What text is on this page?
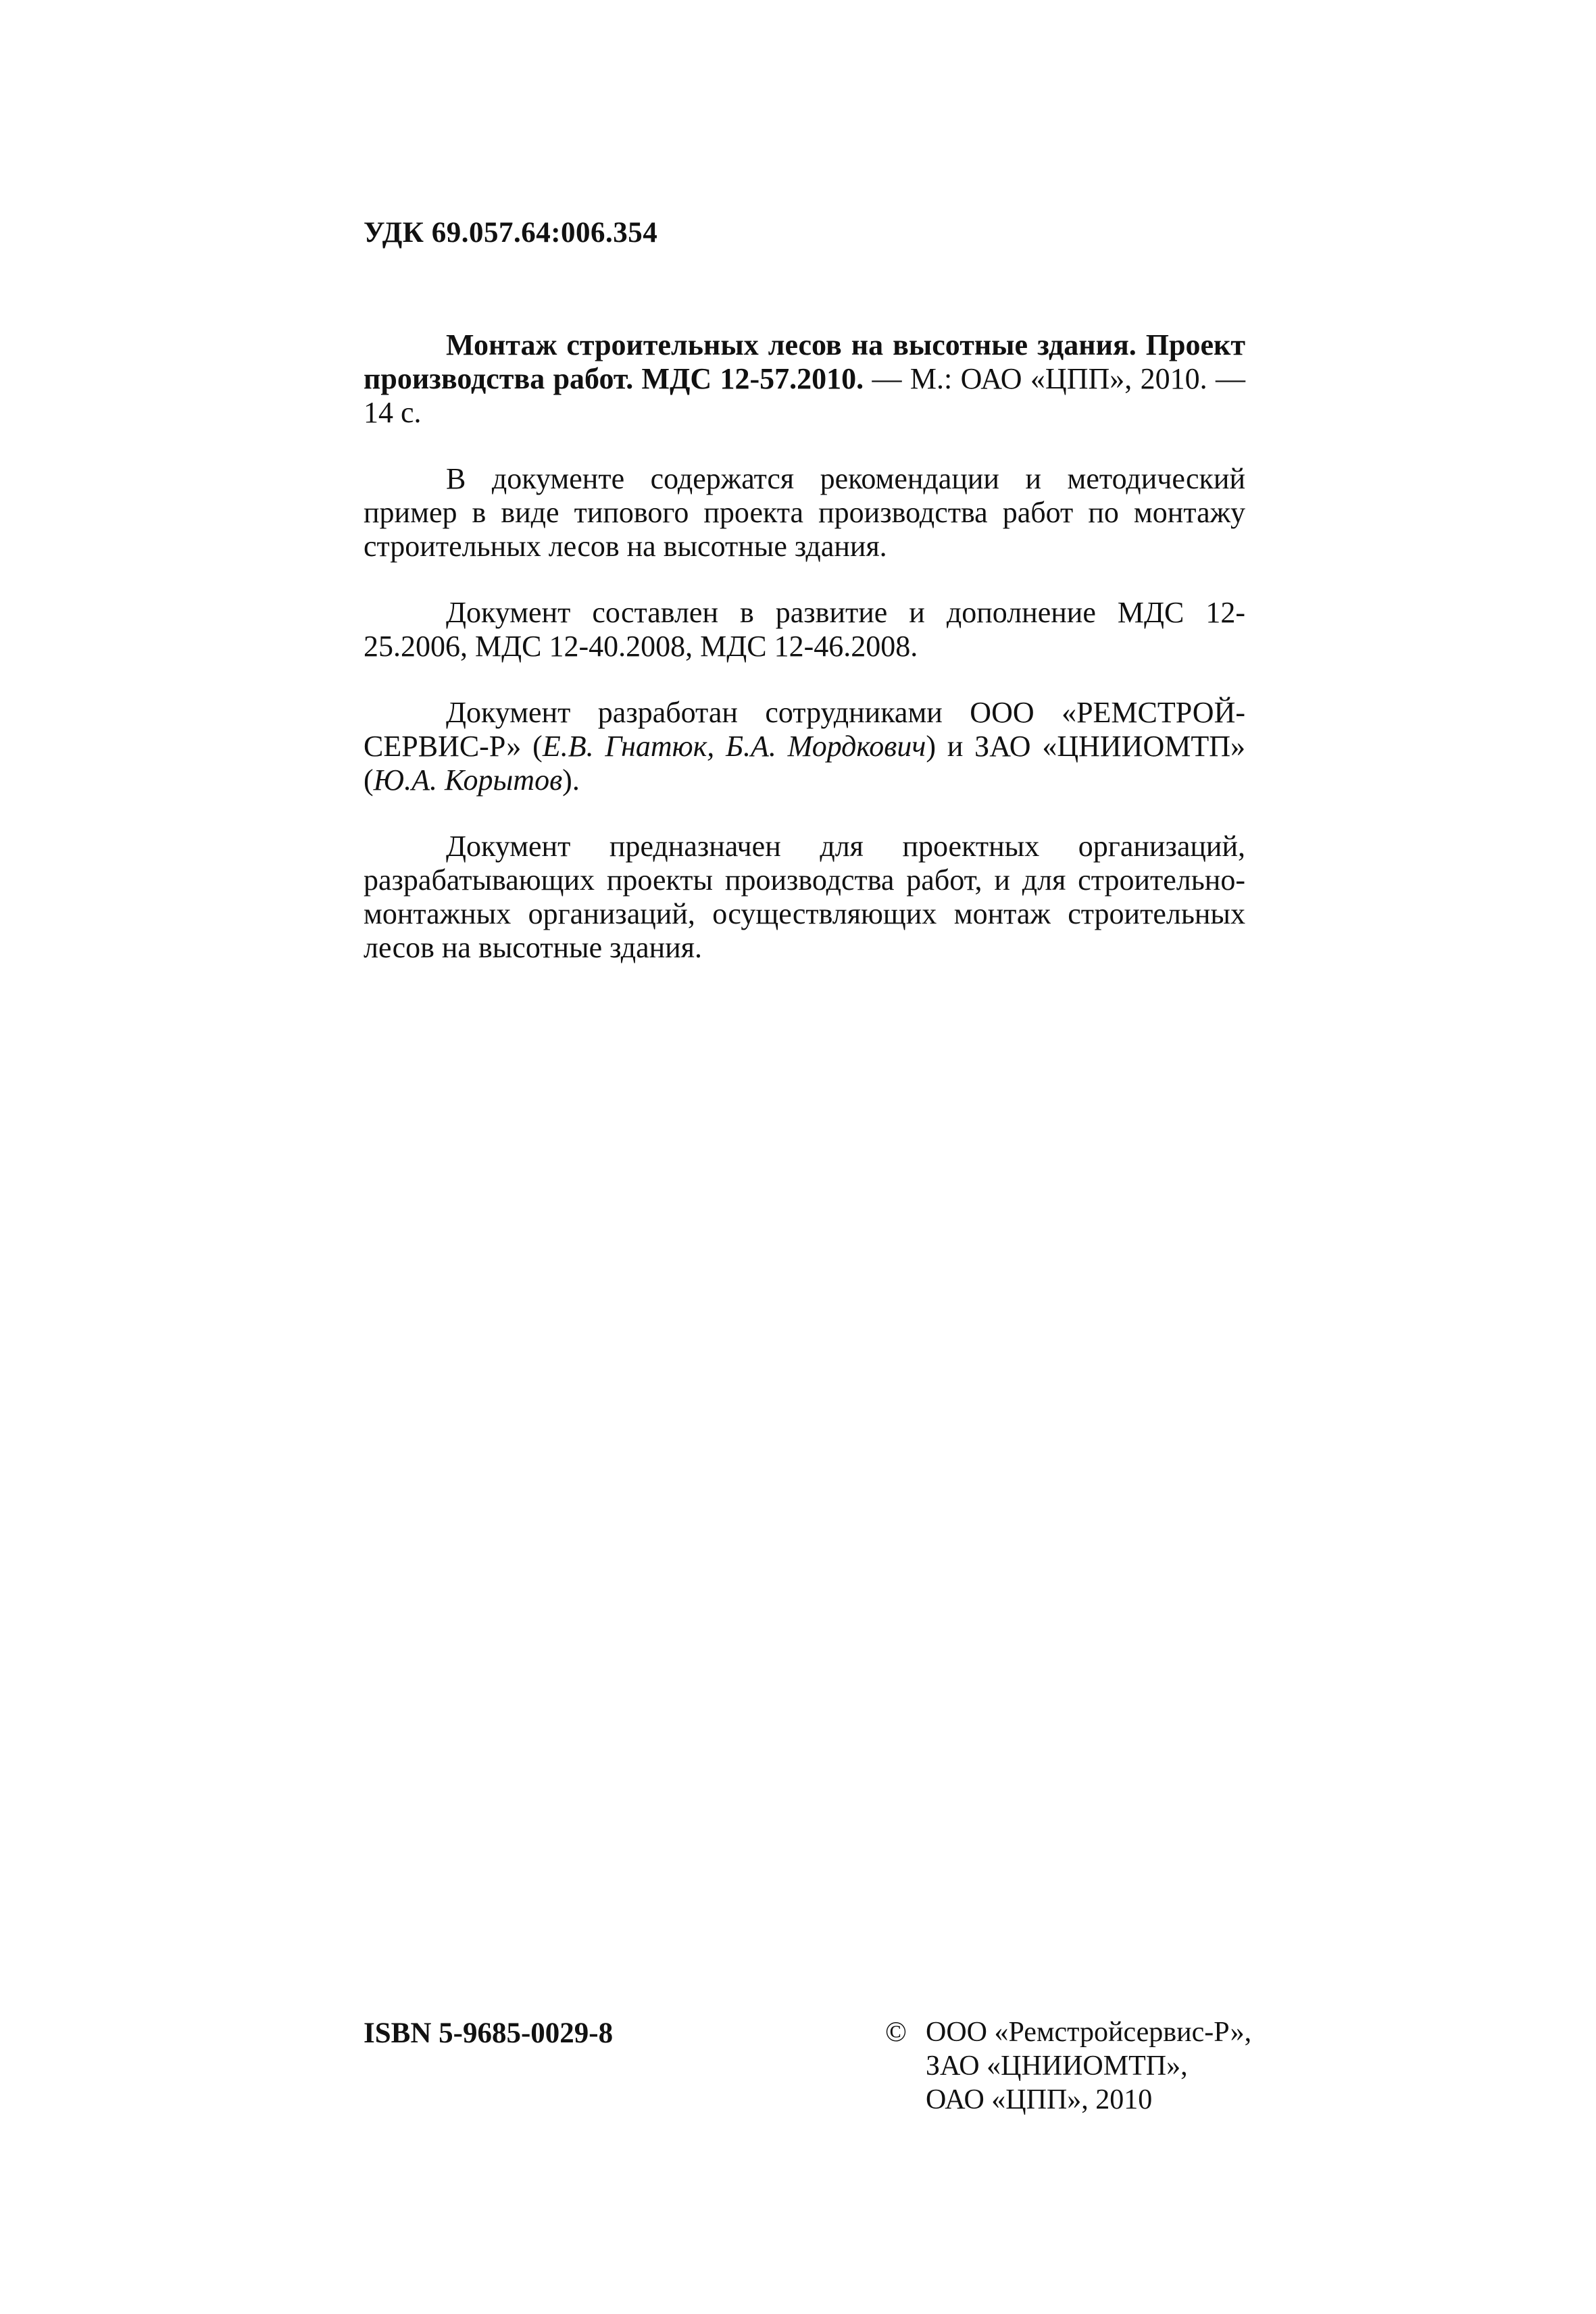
УДК 69.057.64:006.354

Монтаж строительных лесов на высотные здания. Проект производства работ. МДС 12-57.2010. — М.: ОАО «ЦПП», 2010. — 14 с.

В документе содержатся рекомендации и методический пример в виде типового проекта производства работ по монтажу строительных лесов на высотные здания.

Документ составлен в развитие и дополнение МДС 12-25.2006, МДС 12-40.2008, МДС 12-46.2008.

Документ разработан сотрудниками ООО «РЕМСТРОЙ-СЕРВИС-Р» (Е.В. Гнатюк, Б.А. Мордкович) и ЗАО «ЦНИИОМТП» (Ю.А. Корытов).

Документ предназначен для проектных организаций, разрабатывающих проекты производства работ, и для строительно-монтажных организаций, осуществляющих монтаж строительных лесов на высотные здания.

ISBN 5-9685-0029-8	© ООО «Ремстройсервис-Р»,
ЗАО «ЦНИИОМТП»,
ОАО «ЦПП», 2010
